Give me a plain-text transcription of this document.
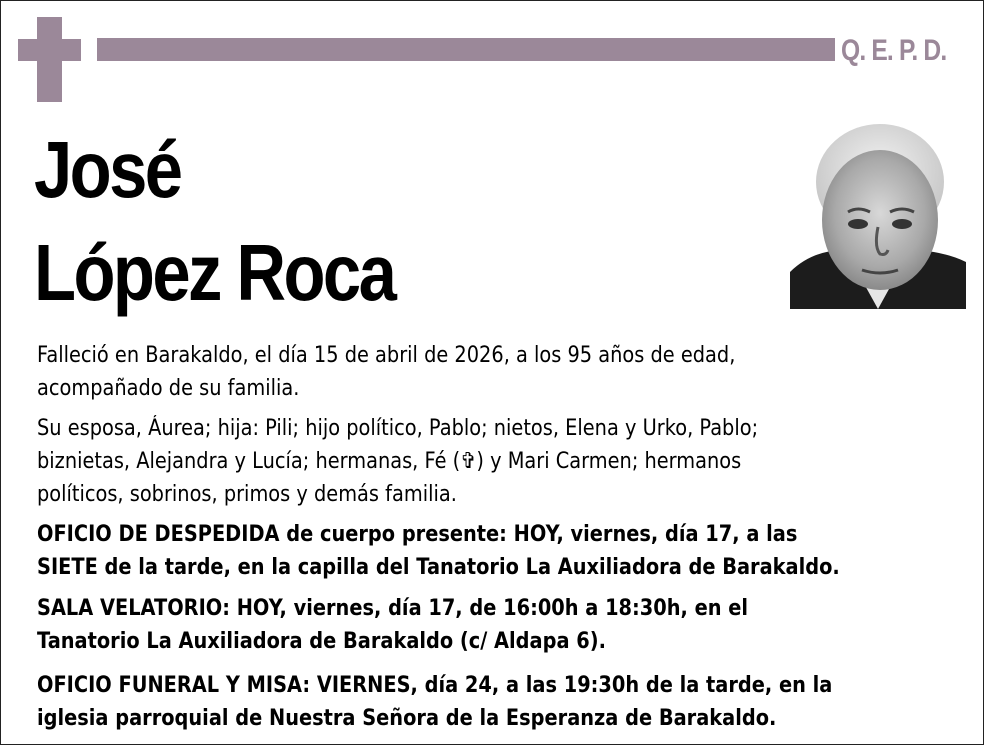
Q. E. P. D.
José
López Roca
Falleció en Barakaldo, el día 15 de abril de 2026, a los 95 años de edad,
acompañado de su familia.
Su esposa, Áurea; hija: Pili; hijo político, Pablo; nietos, Elena y Urko, Pablo;
biznietas, Alejandra y Lucía; hermanas, Fé (✞) y Mari Carmen; hermanos
políticos, sobrinos, primos y demás familia.
OFICIO DE DESPEDIDA de cuerpo presente: HOY, viernes, día 17, a las
SIETE de la tarde, en la capilla del Tanatorio La Auxiliadora de Barakaldo.
SALA VELATORIO: HOY, viernes, día 17, de 16:00h a 18:30h, en el
Tanatorio La Auxiliadora de Barakaldo (c/ Aldapa 6).
OFICIO FUNERAL Y MISA: VIERNES, día 24, a las 19:30h de la tarde, en la
iglesia parroquial de Nuestra Señora de la Esperanza de Barakaldo.
